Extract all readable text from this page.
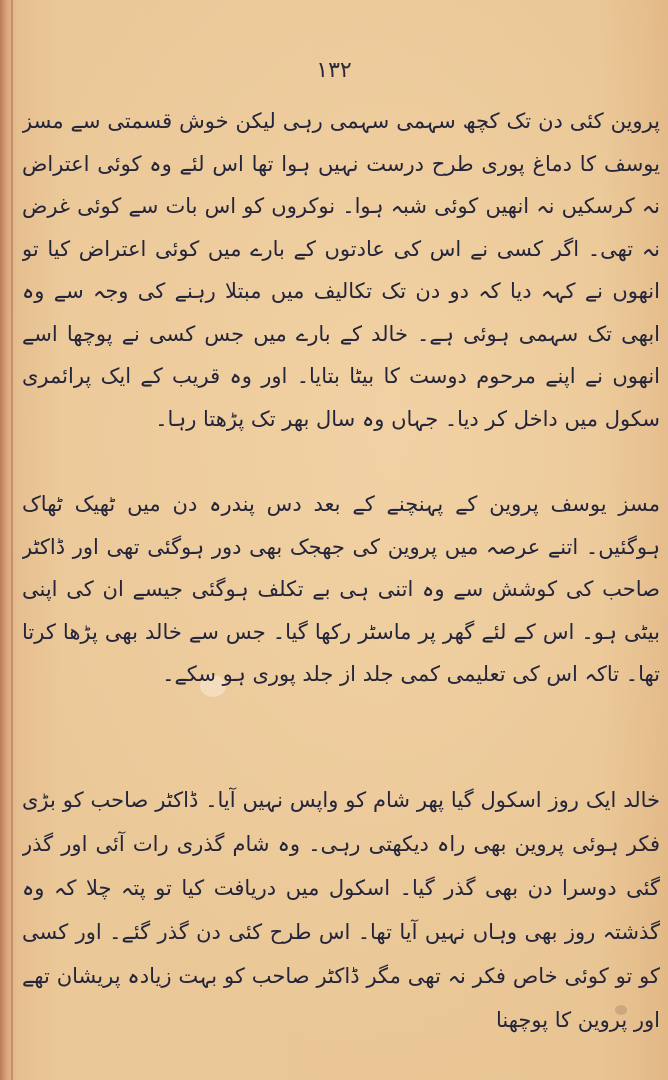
۱۳۲

پروین کئی دن تک کچھ سہمی سہمی رہی لیکن خوش قسمتی سے مسز یوسف کا دماغ پوری طرح درست نہیں ہوا تھا اس لئے وہ کوئی اعتراض نہ کرسکیں نہ انھیں کوئی شبہ ہوا۔ نوکروں کو اس بات سے کوئی غرض نہ تھی۔ اگر کسی نے اس کی عادتوں کے بارے میں کوئی اعتراض کیا تو انھوں نے کہہ دیا کہ دو دن تک تکالیف میں مبتلا رہنے کی وجہ سے وہ ابھی تک سہمی ہوئی ہے۔ خالد کے بارے میں جس کسی نے پوچھا اسے انھوں نے اپنے مرحوم دوست کا بیٹا بتایا۔ اور وہ قریب کے ایک پرائمری سکول میں داخل کر دیا۔ جہاں وہ سال بھر تک پڑھتا رہا۔

مسز یوسف پروین کے پہنچنے کے بعد دس پندرہ دن میں ٹھیک ٹھاک ہوگئیں۔ اتنے عرصہ میں پروین کی جھجک بھی دور ہوگئی تھی اور ڈاکٹر صاحب کی کوشش سے وہ اتنی ہی بے تکلف ہوگئی جیسے ان کی اپنی بیٹی ہو۔ اس کے لئے گھر پر ماسٹر رکھا گیا۔ جس سے خالد بھی پڑھا کرتا تھا۔ تاکہ اس کی تعلیمی کمی جلد از جلد پوری ہو سکے۔

خالد ایک روز اسکول گیا پھر شام کو واپس نہیں آیا۔ ڈاکٹر صاحب کو بڑی فکر ہوئی پروین بھی راہ دیکھتی رہی۔ وہ شام گذری رات آئی اور گذر گئی دوسرا دن بھی گذر گیا۔ اسکول میں دریافت کیا تو پتہ چلا کہ وہ گذشتہ روز بھی وہاں نہیں آیا تھا۔ اس طرح کئی دن گذر گئے۔ اور کسی کو تو کوئی خاص فکر نہ تھی مگر ڈاکٹر صاحب کو بہت زیادہ پریشان تھے اور پروین کا پوچھنا
